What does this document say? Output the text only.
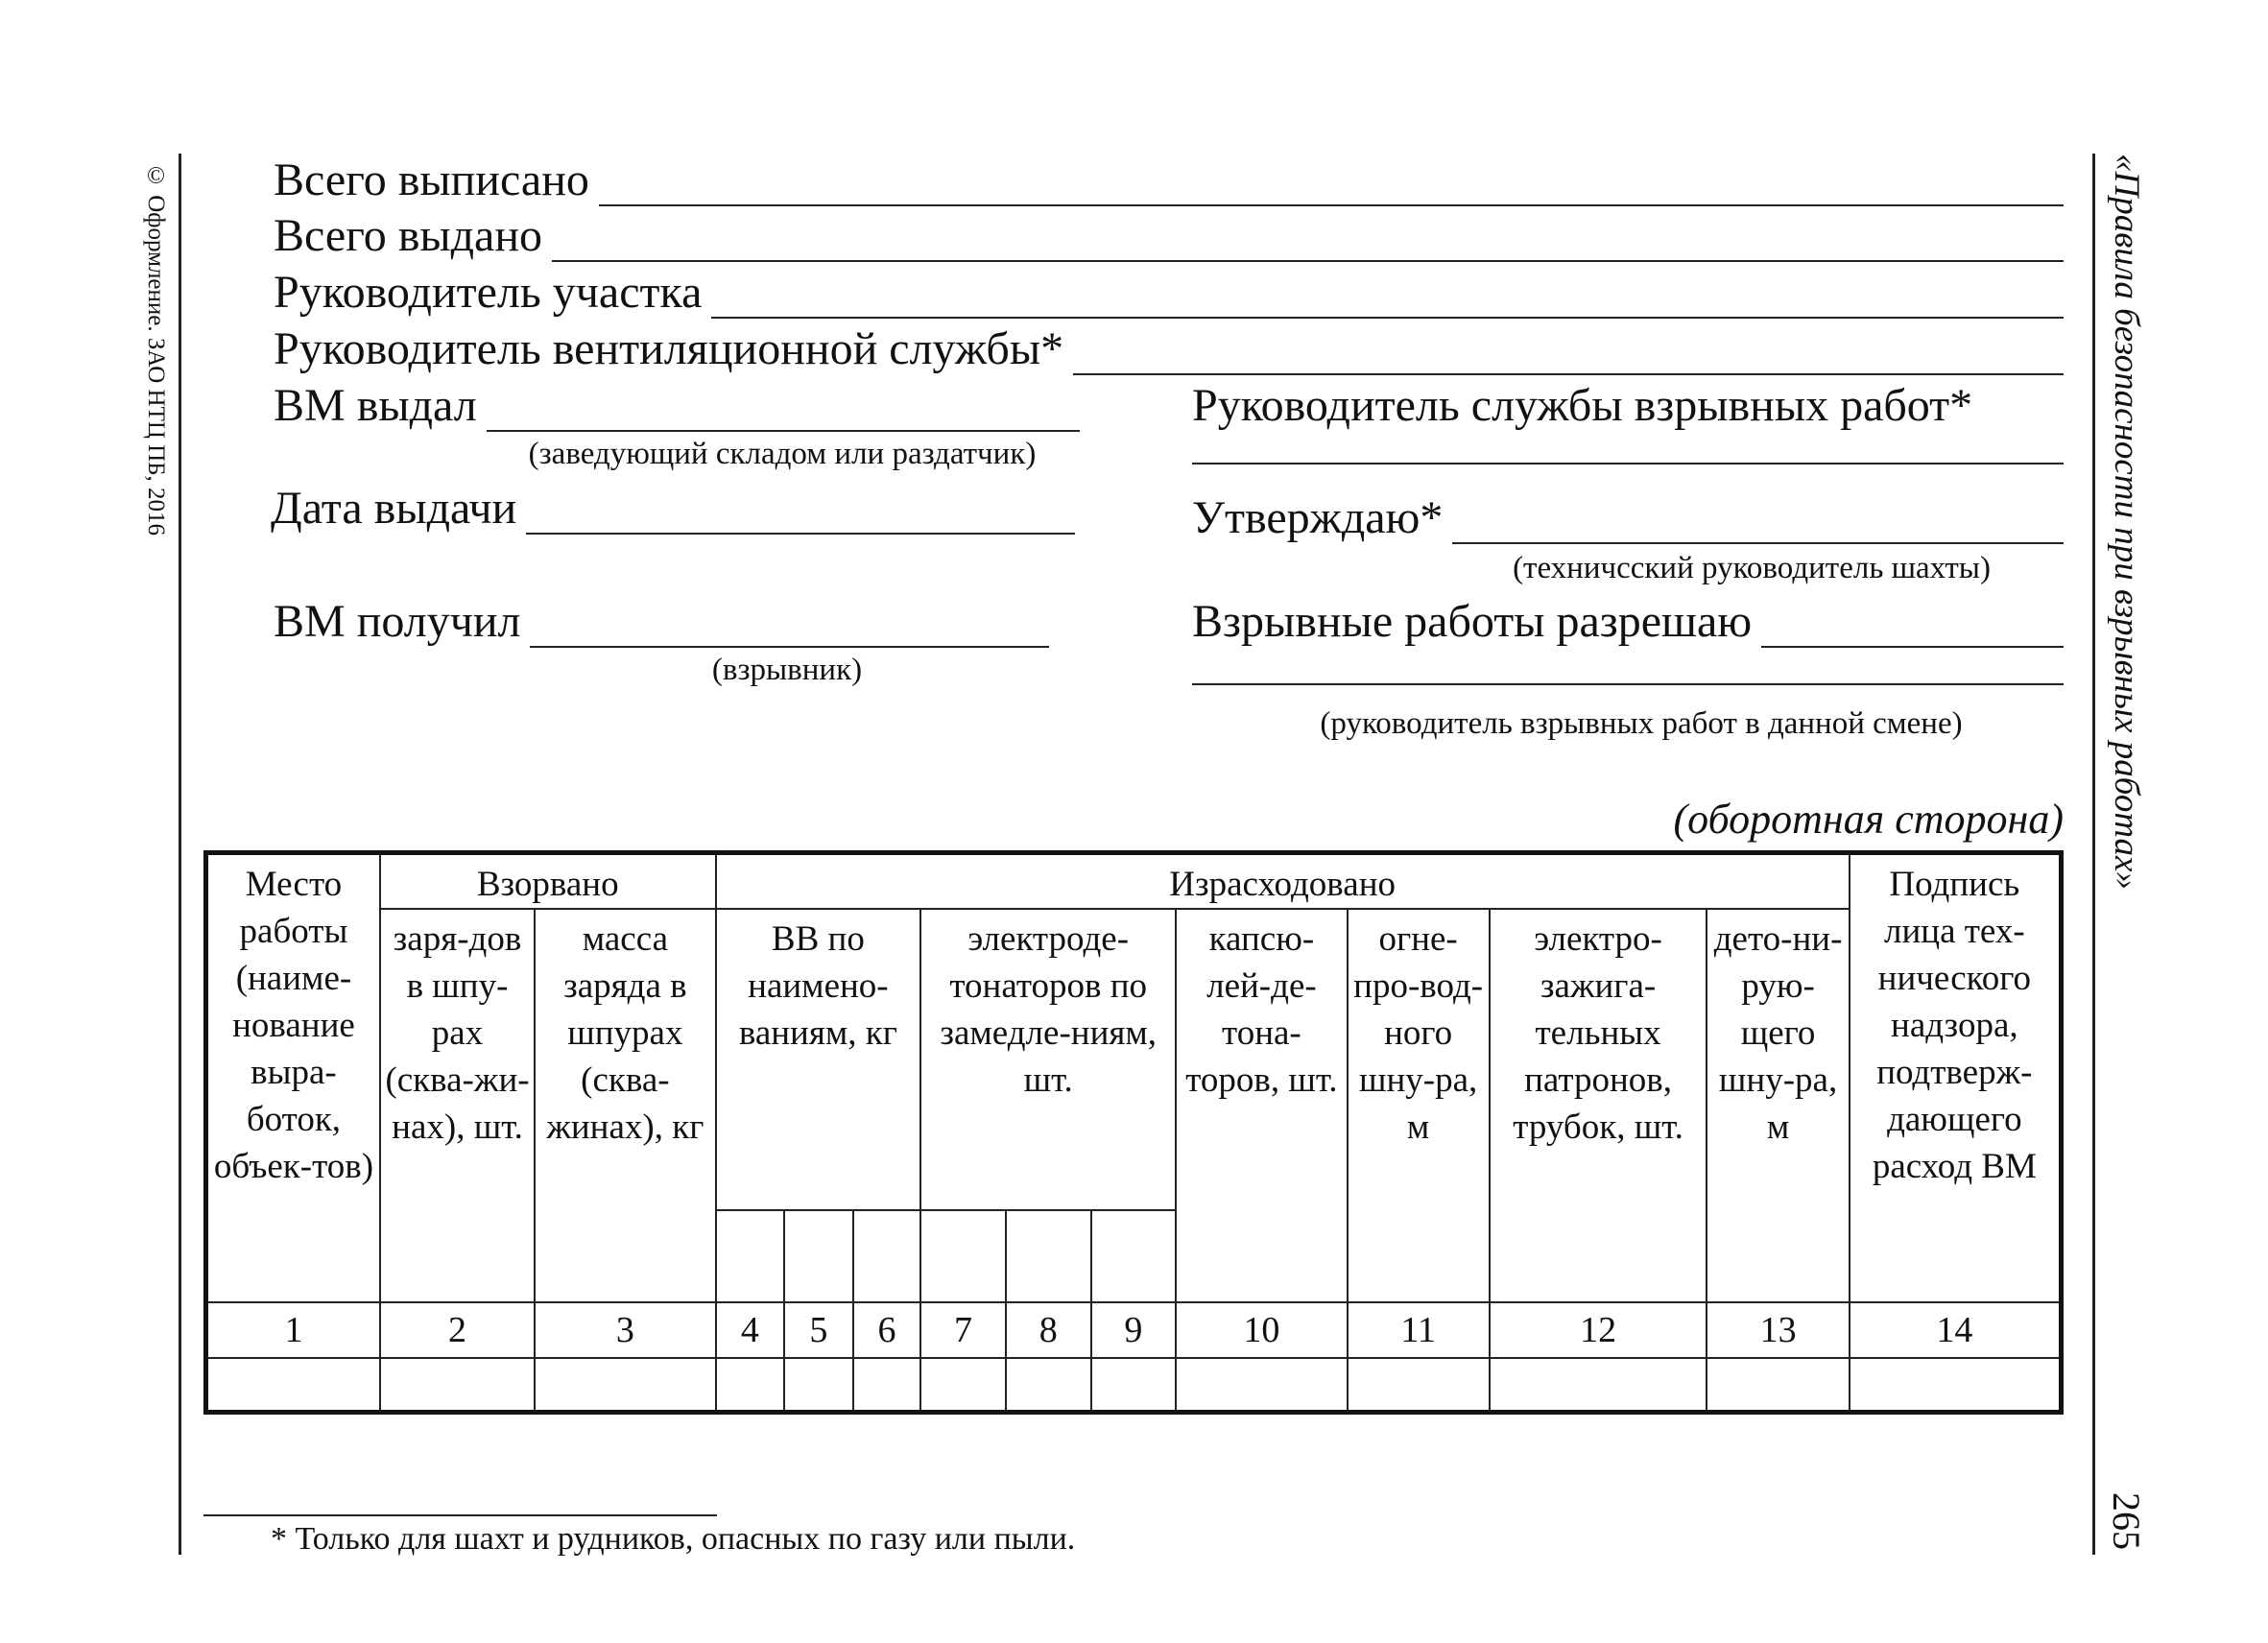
© Оформление. ЗАО НТЦ ПБ, 2016	«Правила безопасности при взрывных работах»
265
Всего выписано
Всего выдано
Руководитель участка
Руководитель вентиляционной службы*
ВМ выдал
(заведующий складом или раздатчик)
Дата выдачи
ВМ получил
(взрывник)
Руководитель службы взрывных работ*
Утверждаю*
(техничсский руководитель шахты)
Взрывные работы разрешаю
(руководитель взрывных работ в данной смене)
(оборотная сторона)
Место работы (наиме-нование выра-боток, объек-тов)	Взорвано		Израсходовано										Подпись лица тех-нического надзора, подтверж-дающего расход ВМ
	заря-дов в шпу-рах (сква-жи-нах), шт.	масса заряда в шпурах (сква-жинах), кг	ВВ по наимено-ваниям, кг			электроде-тонаторов по замедле-ниям, шт.			капсю-лей-де-тона-торов, шт.	огне-про-вод-ного шну-ра, м	электро-зажига-тельных патронов, трубок, шт.	дето-ни-рую-щего шну-ра, м	

1	2	3	4	5	6	7	8	9	10	11	12	13	14

* Только для шахт и рудников, опасных по газу или пыли.
